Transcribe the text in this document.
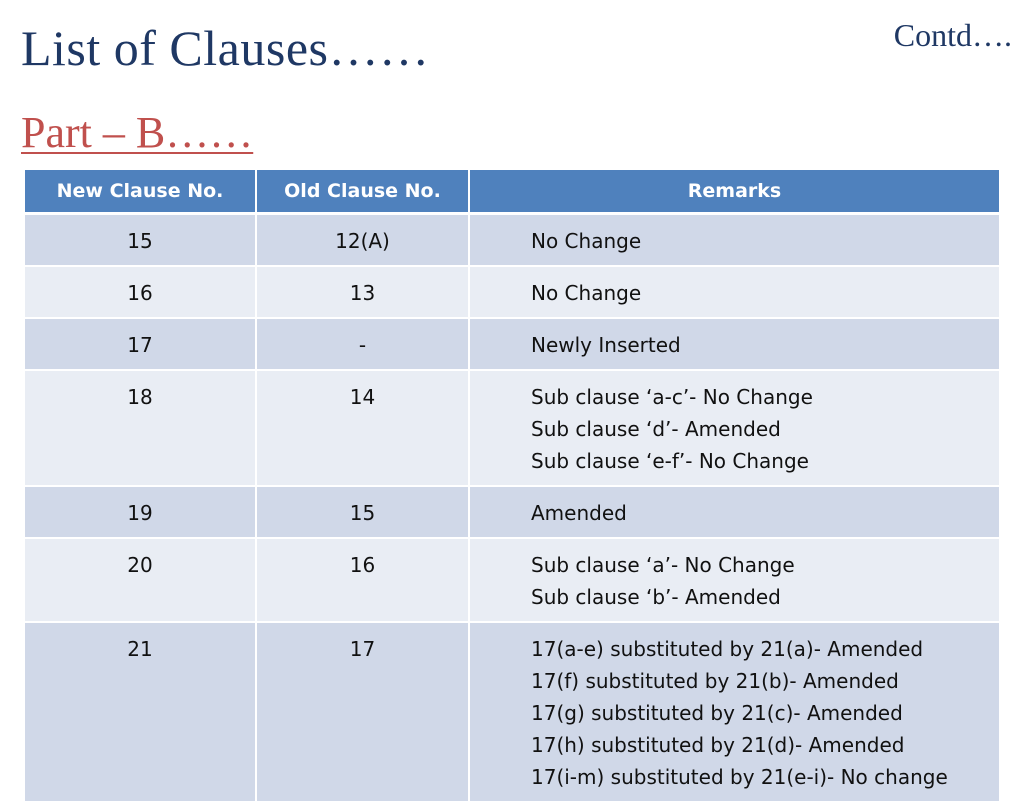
List of Clauses……	Contd….
Part – B……
New Clause No.	Old Clause No.	Remarks
15	12(A)	No Change

16	13	No Change

17	-	Newly Inserted

18	14	Sub clause ‘a-c’- No Change
Sub clause ‘d’- Amended
Sub clause ‘e-f’- No Change

19	15	Amended

20	16	Sub clause ‘a’- No Change
Sub clause ‘b’- Amended

21	17	17(a-e) substituted by 21(a)- Amended
17(f) substituted by 21(b)- Amended
17(g) substituted by 21(c)- Amended
17(h) substituted by 21(d)- Amended
17(i-m) substituted by 21(e-i)- No change
